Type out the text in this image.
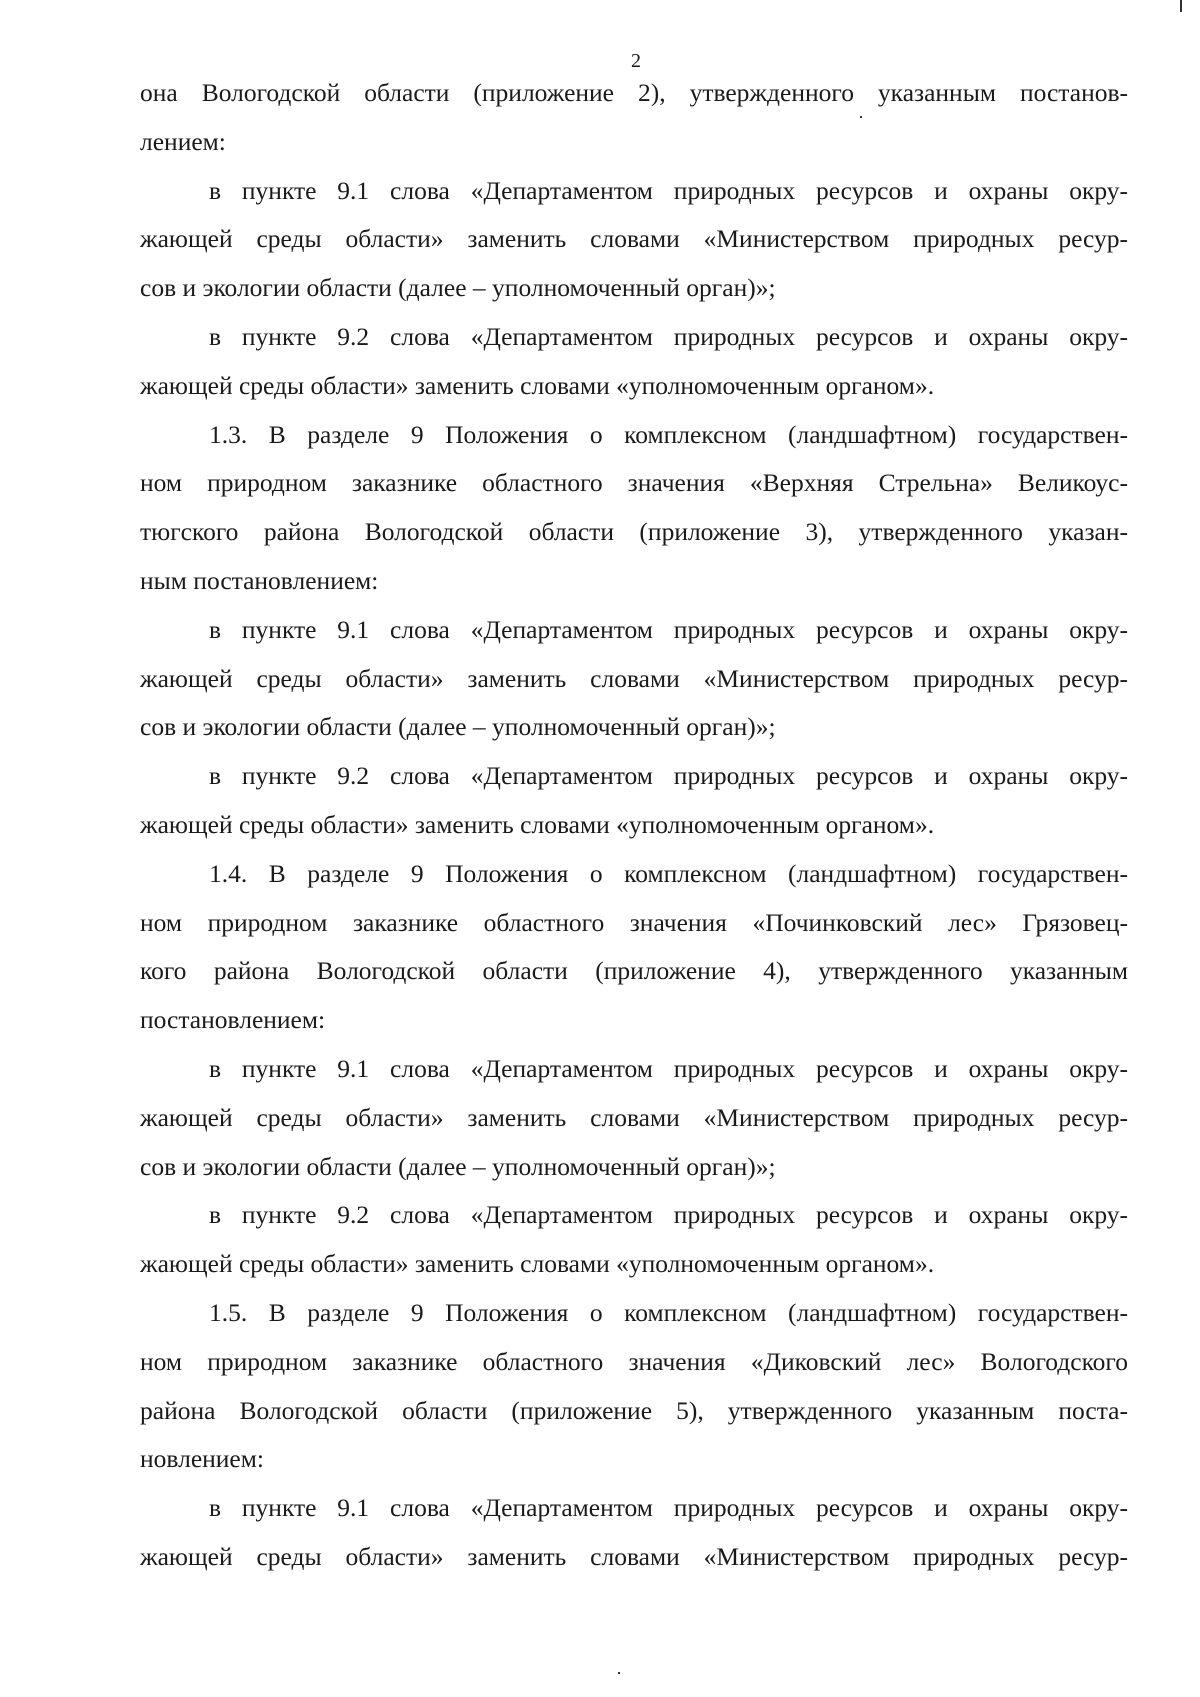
2
она Вологодской области (приложение 2), утвержденного указанным постанов-
лением:
в пункте 9.1 слова «Департаментом природных ресурсов и охраны окру-
жающей среды области» заменить словами «Министерством природных ресур-
сов и экологии области (далее – уполномоченный орган)»;
в пункте 9.2 слова «Департаментом природных ресурсов и охраны окру-
жающей среды области» заменить словами «уполномоченным органом».
1.3. В разделе 9 Положения о комплексном (ландшафтном) государствен-
ном природном заказнике областного значения «Верхняя Стрельна» Великоус-
тюгского района Вологодской области (приложение 3), утвержденного указан-
ным постановлением:
в пункте 9.1 слова «Департаментом природных ресурсов и охраны окру-
жающей среды области» заменить словами «Министерством природных ресур-
сов и экологии области (далее – уполномоченный орган)»;
в пункте 9.2 слова «Департаментом природных ресурсов и охраны окру-
жающей среды области» заменить словами «уполномоченным органом».
1.4. В разделе 9 Положения о комплексном (ландшафтном) государствен-
ном природном заказнике областного значения «Починковский лес» Грязовец-
кого района Вологодской области (приложение 4), утвержденного указанным
постановлением:
в пункте 9.1 слова «Департаментом природных ресурсов и охраны окру-
жающей среды области» заменить словами «Министерством природных ресур-
сов и экологии области (далее – уполномоченный орган)»;
в пункте 9.2 слова «Департаментом природных ресурсов и охраны окру-
жающей среды области» заменить словами «уполномоченным органом».
1.5. В разделе 9 Положения о комплексном (ландшафтном) государствен-
ном природном заказнике областного значения «Диковский лес» Вологодского
района Вологодской области (приложение 5), утвержденного указанным поста-
новлением:
в пункте 9.1 слова «Департаментом природных ресурсов и охраны окру-
жающей среды области» заменить словами «Министерством природных ресур-
